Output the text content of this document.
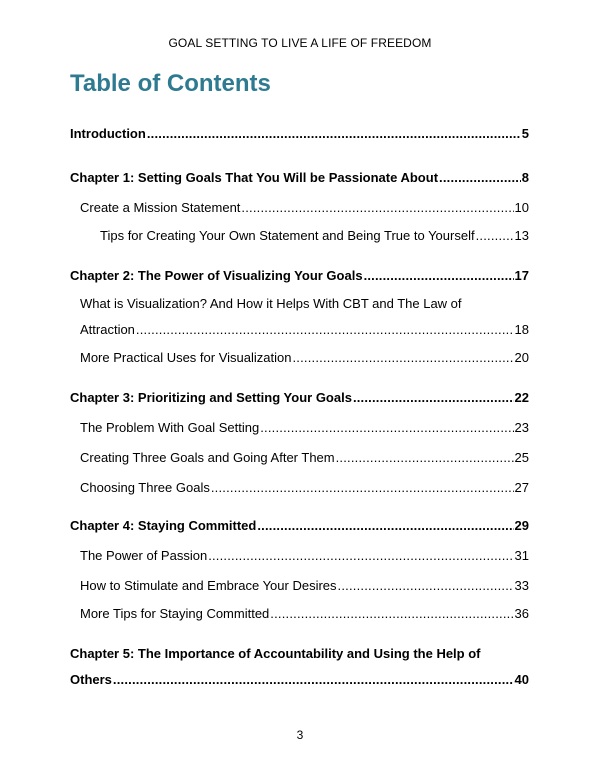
GOAL SETTING TO LIVE A LIFE OF FREEDOM
Table of Contents
Introduction .....	5
Chapter 1: Setting Goals That You Will be Passionate About .....	8
Create a Mission Statement .....	10
Tips for Creating Your Own Statement and Being True to Yourself .....	13
Chapter 2: The Power of Visualizing Your Goals .....	17
What is Visualization? And How it Helps With CBT and The Law of
Attraction .....	18
More Practical Uses for Visualization .....	20
Chapter 3: Prioritizing and Setting Your Goals .....	22
The Problem With Goal Setting .....	23
Creating Three Goals and Going After Them .....	25
Choosing Three Goals .....	27
Chapter 4: Staying Committed .....	29
The Power of Passion .....	31
How to Stimulate and Embrace Your Desires .....	33
More Tips for Staying Committed .....	36
Chapter 5: The Importance of Accountability and Using the Help of
Others .....	40
3
